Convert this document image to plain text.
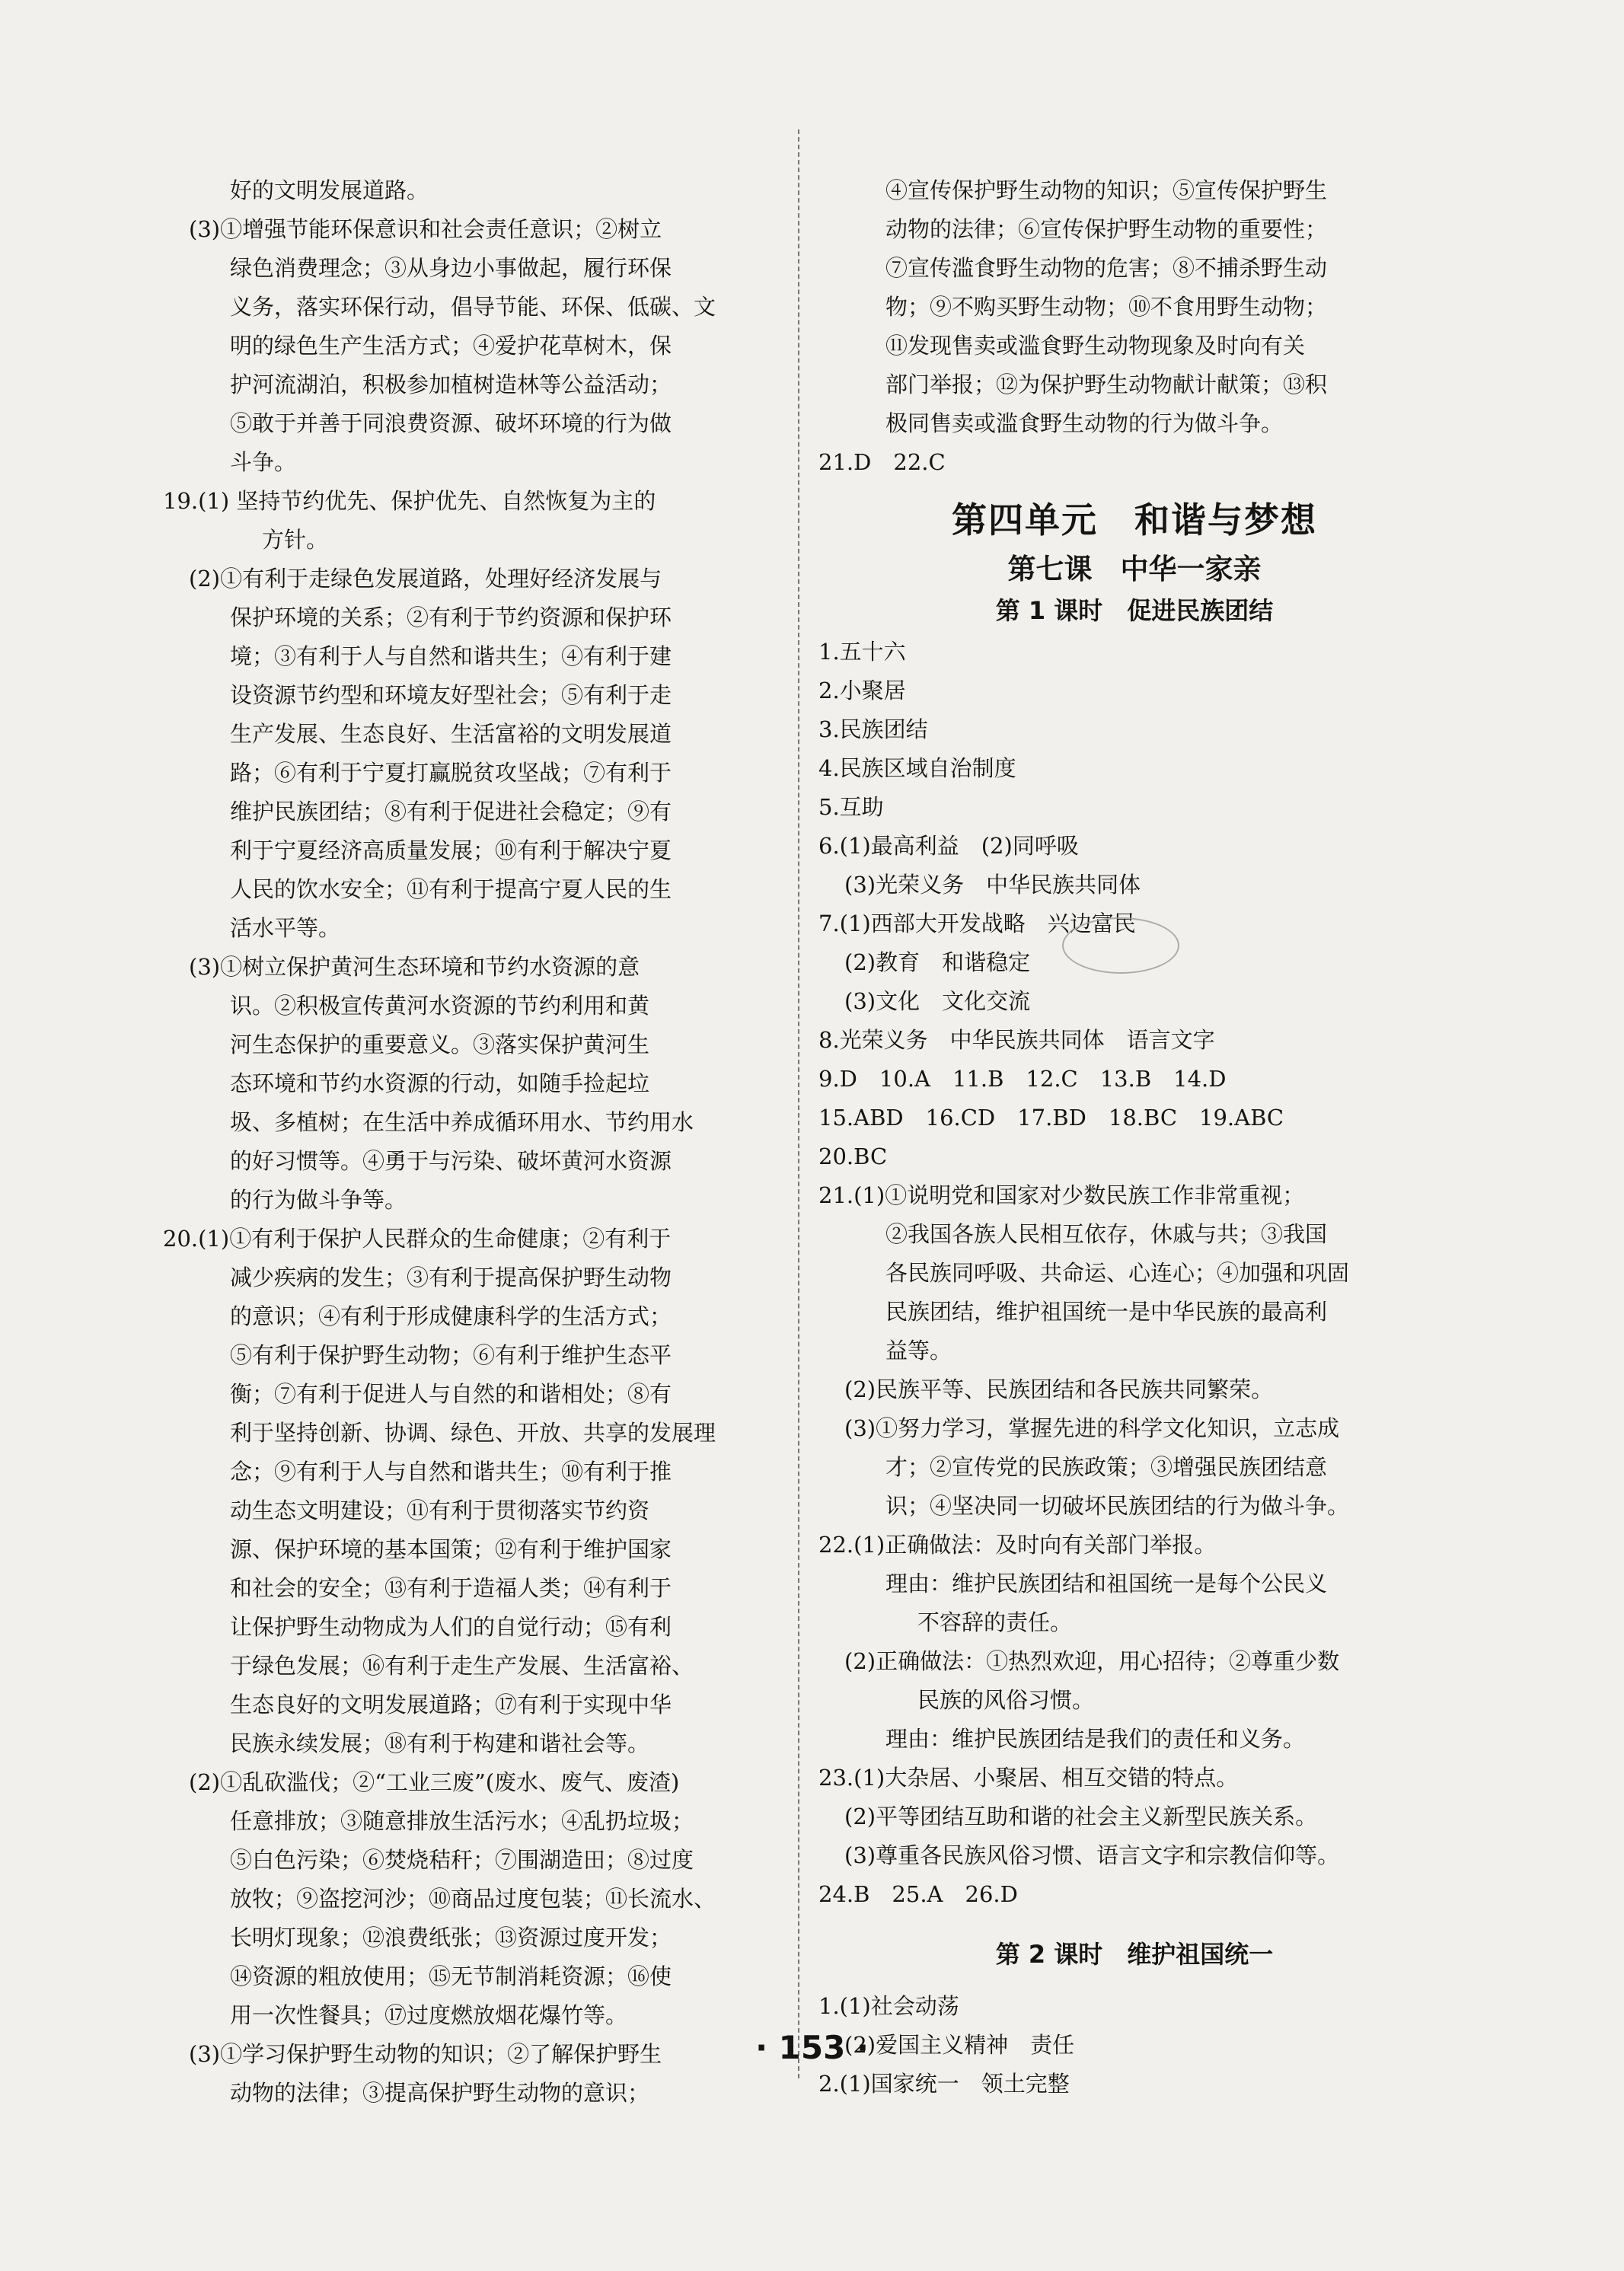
好的文明发展道路。

(3)①增强节能环保意识和社会责任意识；②树立

绿色消费理念；③从身边小事做起，履行环保

义务，落实环保行动，倡导节能、环保、低碳、文

明的绿色生产生活方式；④爱护花草树木，保

护河流湖泊，积极参加植树造林等公益活动；

⑤敢于并善于同浪费资源、破坏环境的行为做

斗争。

19.(1) 坚持节约优先、保护优先、自然恢复为主的

方针。

(2)①有利于走绿色发展道路，处理好经济发展与

保护环境的关系；②有利于节约资源和保护环

境；③有利于人与自然和谐共生；④有利于建

设资源节约型和环境友好型社会；⑤有利于走

生产发展、生态良好、生活富裕的文明发展道

路；⑥有利于宁夏打赢脱贫攻坚战；⑦有利于

维护民族团结；⑧有利于促进社会稳定；⑨有

利于宁夏经济高质量发展；⑩有利于解决宁夏

人民的饮水安全；⑪有利于提高宁夏人民的生

活水平等。

(3)①树立保护黄河生态环境和节约水资源的意

识。②积极宣传黄河水资源的节约利用和黄

河生态保护的重要意义。③落实保护黄河生

态环境和节约水资源的行动，如随手捡起垃

圾、多植树；在生活中养成循环用水、节约用水

的好习惯等。④勇于与污染、破坏黄河水资源

的行为做斗争等。

20.(1)①有利于保护人民群众的生命健康；②有利于

减少疾病的发生；③有利于提高保护野生动物

的意识；④有利于形成健康科学的生活方式；

⑤有利于保护野生动物；⑥有利于维护生态平

衡；⑦有利于促进人与自然的和谐相处；⑧有

利于坚持创新、协调、绿色、开放、共享的发展理

念；⑨有利于人与自然和谐共生；⑩有利于推

动生态文明建设；⑪有利于贯彻落实节约资

源、保护环境的基本国策；⑫有利于维护国家

和社会的安全；⑬有利于造福人类；⑭有利于

让保护野生动物成为人们的自觉行动；⑮有利

于绿色发展；⑯有利于走生产发展、生活富裕、

生态良好的文明发展道路；⑰有利于实现中华

民族永续发展；⑱有利于构建和谐社会等。

(2)①乱砍滥伐；②“工业三废”(废水、废气、废渣)

任意排放；③随意排放生活污水；④乱扔垃圾；

⑤白色污染；⑥焚烧秸秆；⑦围湖造田；⑧过度

放牧；⑨盗挖河沙；⑩商品过度包装；⑪长流水、

长明灯现象；⑫浪费纸张；⑬资源过度开发；

⑭资源的粗放使用；⑮无节制消耗资源；⑯使

用一次性餐具；⑰过度燃放烟花爆竹等。

(3)①学习保护野生动物的知识；②了解保护野生

动物的法律；③提高保护野生动物的意识；

④宣传保护野生动物的知识；⑤宣传保护野生

动物的法律；⑥宣传保护野生动物的重要性；

⑦宣传滥食野生动物的危害；⑧不捕杀野生动

物；⑨不购买野生动物；⑩不食用野生动物；

⑪发现售卖或滥食野生动物现象及时向有关

部门举报；⑫为保护野生动物献计献策；⑬积

极同售卖或滥食野生动物的行为做斗争。

21.D　22.C

第四单元　和谐与梦想
第七课　中华一家亲
第 1 课时　促进民族团结

1.五十六

2.小聚居

3.民族团结

4.民族区域自治制度

5.互助

6.(1)最高利益　(2)同呼吸

(3)光荣义务　中华民族共同体

7.(1)西部大开发战略　兴边富民

(2)教育　和谐稳定

(3)文化　文化交流

8.光荣义务　中华民族共同体　语言文字

9.D　10.A　11.B　12.C　13.B　14.D

15.ABD　16.CD　17.BD　18.BC　19.ABC

20.BC

21.(1)①说明党和国家对少数民族工作非常重视；

②我国各族人民相互依存，休戚与共；③我国

各民族同呼吸、共命运、心连心；④加强和巩固

民族团结，维护祖国统一是中华民族的最高利

益等。

(2)民族平等、民族团结和各民族共同繁荣。

(3)①努力学习，掌握先进的科学文化知识，立志成

才；②宣传党的民族政策；③增强民族团结意

识；④坚决同一切破坏民族团结的行为做斗争。

22.(1)正确做法：及时向有关部门举报。

理由：维护民族团结和祖国统一是每个公民义

不容辞的责任。

(2)正确做法：①热烈欢迎，用心招待；②尊重少数

民族的风俗习惯。

理由：维护民族团结是我们的责任和义务。

23.(1)大杂居、小聚居、相互交错的特点。

(2)平等团结互助和谐的社会主义新型民族关系。

(3)尊重各民族风俗习惯、语言文字和宗教信仰等。

24.B　25.A　26.D

第 2 课时　维护祖国统一

1.(1)社会动荡

(2)爱国主义精神　责任

2.(1)国家统一　领土完整

· 153 ·
